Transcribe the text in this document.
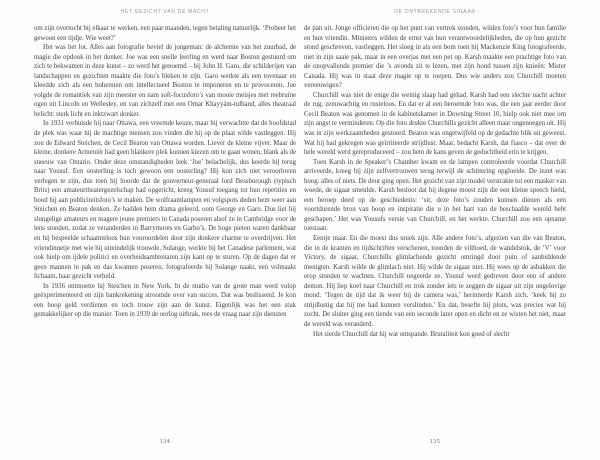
HET GEZICHT VAN DE MACHT

om zijn overtocht bij elkaar te werken, een paar maanden, tegen betaling natuurlijk. ‘Probeer het gewoon een tijdje. Wie weet?’

Het was het lot. Alles aan fotografie beviel de jongeman: de alchemie van het zuurbad, de magie die opdook in het donker. Joe was een snelle leerling en werd naar Boston gestuurd om zich te bekwamen in deze kunst – zo werd het genoemd – bij John H. Garo, die schilderijen van landschappen en gezichten maakte die foto’s bleken te zijn. Garo werkte als een tovenaar en kleedde zich als een bohemien om intellectueel Boston te imponeren en te provoceren. Joe volgde de romantiek van zijn meester en nam soft-focusfoto’s van mooie meisjes met reebruine ogen uit Lincoln en Wellesley, en van zichzelf met een Omar Khayyám-tulband, alles theatraal belicht: sterk licht en inktzwart donker.

In 1931 verhuisde hij naar Ottawa, een vreemde keuze, maar hij verwachtte dat de hoofdstad de plek was waar hij de machtige mensen zou vinden die hij op de plaat wilde vastleggen. Hij zou de Edward Steichen, de Cecil Beaton van Ottawa worden. Liever de kleine vijver. Maar de kleine, donkere Armeniër had geen blankere plek kunnen kiezen om te gaan wonen, blank als de sneeuw van Ontario. Onder deze omstandigheden leek ‘Joe’ belachelijk, dus keerde hij terug naar Yousuf. Een oosterling is toch gewoon een oosterling? Hij kon zich niet veroorloven verlegen te zijn, dus toen hij hoorde dat de gouverneur-generaal lord Bessborough (typisch Brits) een amateurtheatergezelschap had opgericht, kreeg Yousuf toegang tot hun repetities en bood hij aan publiciteitsfoto’s te maken. De wolfraamlampen en volgspots deden hem weer aan Steichen en Beaton denken. Ze hadden hem drama geleerd, oom George en Garo. Dus liet hij slungelige amateurs en magere jeune premiers in Canada poseren alsof ze in Cambridge voor de lens stonden, zodat ze veranderden in Barrymores en Garbo’s. De hoge pieten waren dankbaar en hij bespeelde schaamteloos hun vooroordelen door zijn donkere charme te overdrijven. Het vriendinnetje met wie hij uiteindelijk trouwde, Solange, werkte bij het Canadese parlement, wat ook hielp om ijdele politici en overheidsambtenaren zijn kant op te sturen. Op de dagen dat er geen mannen in pak en das kwamen poseren, fotografeerde hij Solange naakt, een volmaakt lichaam, haar gezicht verhuld.

In 1936 ontmoette hij Steichen in New York. In de studio van de grote man werd volop geëxperimenteerd en zijn bankrekening stroomde over van succes. Dat was beslissend. Je kon een hoop geld verdienen en toch trouw zijn aan de kunst. Eigenlijk was het een stuk gemakkelijker op die manier. Toen in 1939 de oorlog uitbrak, rees de vraag naar zijn diensten

134
DE ONTBREKENDE SIGAAR

de pan uit. Jonge officieren die op het punt van vertrek stonden, wilden foto’s voor hun familie en hun vriendin. Ministers wilden de ernst van hun verantwoordelijkheden, die op hun gezicht stond geschreven, vastleggen. Het sloeg in als een bom toen hij Mackenzie King fotografeerde, niet in zijn saaie pak, maar in een overjas met een pet op. Karsh maakte een prachtige foto van de onopvallende premier die ’s avonds zit te lezen, met zijn hond tussen zijn knieën: Mister Canada. Hij was in staat deze magie op te roepen. Dus wie anders zou Churchill moeten vereeuwigen?

Churchill was niet de enige die weinig slaap had gehad. Karsh had een slechte nacht achter de rug, zenuwachtig en rusteloos. En dat er al een beroemde foto was, die een jaar eerder door Cecil Beaton was genomen in de kabinetskamer in Downing Street 10, hielp ook niet mee om zijn angst te verminderen. Op die foto drukte Churchills gezicht alleen maar ongenoegen uit. Hij was in zijn werkzaamheden gestoord. Beaton was ongetwijfeld op de gedachte blik uit geweest. Wat hij had gekregen was geïrriteerde strijdlust. Maar, bedacht Karsh, dat fiasco – dat over de hele wereld werd gereproduceerd – zou hem de kans geven de geduchtheid erin te krijgen.

Toen Karsh in de Speaker’s Chamber kwam en de lampen controleerde voordat Churchill arriveerde, kreeg hij zijn zelfvertrouwen terug terwijl de schittering opgloeide. De inzet was hoog: alles of niets. De deur ging open. Het gezicht van zijn model verstrakte tot een masker van woede, de sigaar smeulde. Karsh besloot dat hij degene moest zijn die een kleine speech hield, een beroep deed op de geschiedenis: ‘sir, deze foto’s zouden kunnen dienen als een voortdurende bron van hoop en inspiratie die u in het hart van de beschaafde wereld hebt geschapen.’ Het was Yousufs versie van Churchill, en het werkte. Churchill zou een opname toestaan.

Eentje maar. En die moest dus uniek zijn. Alle andere foto’s, afgezien van die van Beaton, die in de kranten en tijdschriften verschenen, toonden de vilthoed, de wandelstok, de ‘V’ voor Victory, de sigaar, Churchills glimlachende gezicht omringd door puin of aanbiddende menigten. Karsh wilde de glimlach niet. Hij wilde de sigaar niet. Hij wees op de asbakken die erop stonden te wachten. Churchill negeerde ze. Yousuf werd gedreven door een of andere demon. Hij liep koel naar Churchill en trok zonder iets te zeggen de sigaar uit zijn ongelovige mond. ‘Tegen de tijd dat ik weer bij de camera was,’ herinnerde Karsh zich, ‘keek hij zo strijdlustig dat hij me had kunnen verslinden.’ En dat, besefte hij plots, was precies wat hij zocht. De sluiter ging een tiende van een seconde later open en dicht en ze wisten het niet, maar de wereld was veranderd.

Het sierde Churchill dat hij wat ontspande. Brutaliteit kon goed of slecht

135
